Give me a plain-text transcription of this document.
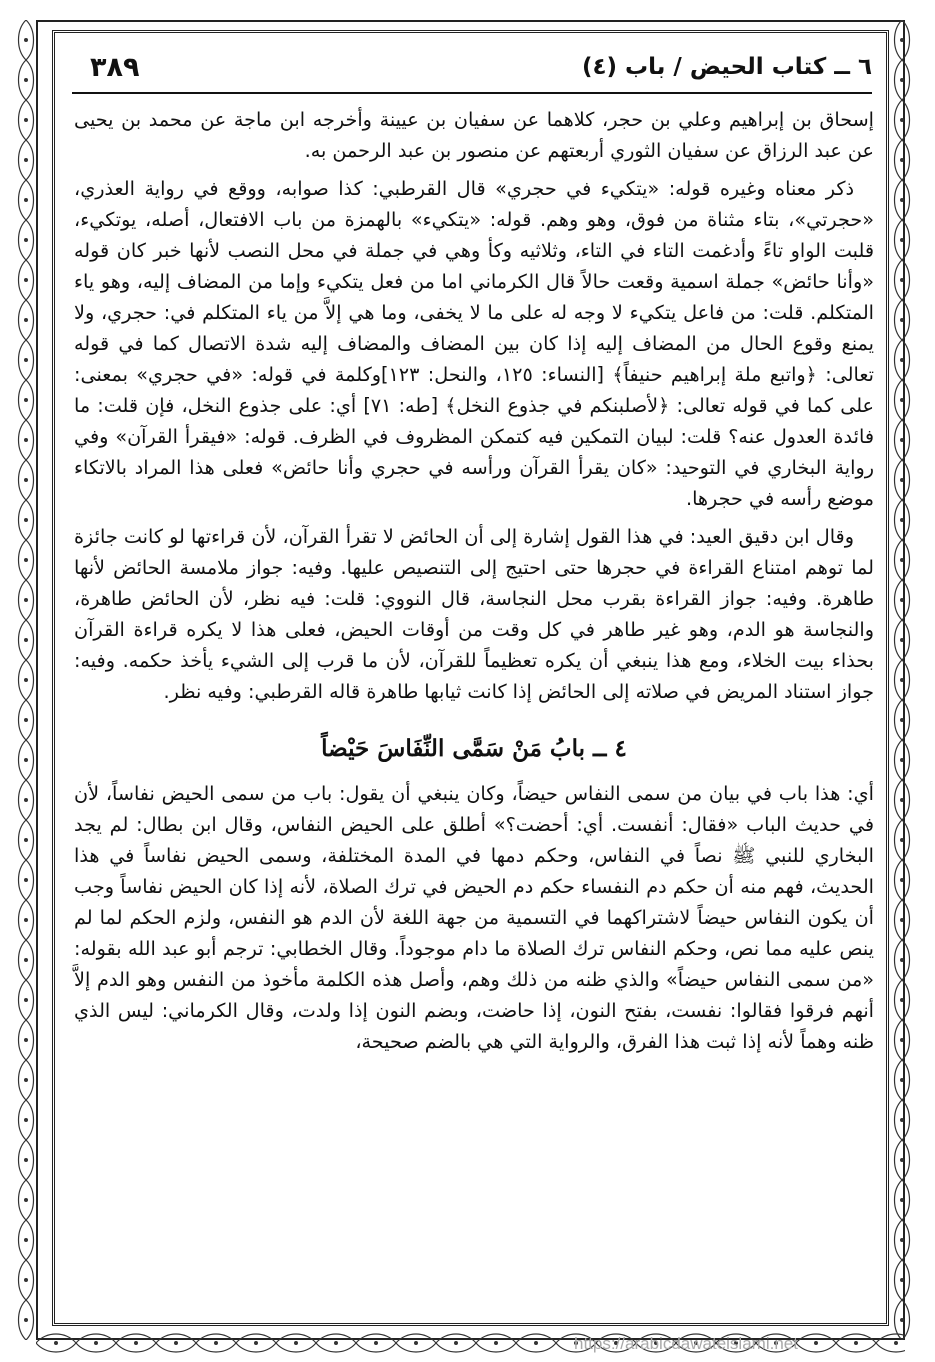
٦ ــ كتاب الحيض / باب (٤)
٣٨٩

إسحاق بن إبراهيم وعلي بن حجر، كلاهما عن سفيان بن عيينة وأخرجه ابن ماجة عن محمد بن يحيى عن عبد الرزاق عن سفيان الثوري أربعتهم عن منصور بن عبد الرحمن به.

ذكر معناه وغيره قوله: «يتكيء في حجري» قال القرطبي: كذا صوابه، ووقع في رواية العذري، «حجرتي»، بتاء مثناة من فوق، وهو وهم. قوله: «يتكيء» بالهمزة من باب الافتعال، أصله، يوتكيء، قلبت الواو تاءً وأدغمت التاء في التاء، وثلاثيه وكأ وهي في جملة في محل النصب لأنها خبر كان قوله «وأنا حائض» جملة اسمية وقعت حالاً قال الكرماني اما من فعل يتكيء وإما من المضاف إليه، وهو ياء المتكلم. قلت: من فاعل يتكيء لا وجه له على ما لا يخفى، وما هي إلاَّ من ياء المتكلم في: حجري، ولا يمنع وقوع الحال من المضاف إليه إذا كان بين المضاف والمضاف إليه شدة الاتصال كما في قوله تعالى: ﴿واتبع ملة إبراهيم حنيفاً﴾ [النساء: ١٢٥، والنحل: ١٢٣]وكلمة في قوله: «في حجري» بمعنى: على كما في قوله تعالى: ﴿لأصلبنكم في جذوع النخل﴾ [طه: ٧١] أي: على جذوع النخل، فإن قلت: ما فائدة العدول عنه؟ قلت: لبيان التمكين فيه كتمكن المظروف في الظرف. قوله: «فيقرأ القرآن» وفي رواية البخاري في التوحيد: «كان يقرأ القرآن ورأسه في حجري وأنا حائض» فعلى هذا المراد بالاتكاء موضع رأسه في حجرها.

وقال ابن دقيق العيد: في هذا القول إشارة إلى أن الحائض لا تقرأ القرآن، لأن قراءتها لو كانت جائزة لما توهم امتناع القراءة في حجرها حتى احتيج إلى التنصيص عليها. وفيه: جواز ملامسة الحائض لأنها طاهرة. وفيه: جواز القراءة بقرب محل النجاسة، قال النووي: قلت: فيه نظر، لأن الحائض طاهرة، والنجاسة هو الدم، وهو غير طاهر في كل وقت من أوقات الحيض، فعلى هذا لا يكره قراءة القرآن بحذاء بيت الخلاء، ومع هذا ينبغي أن يكره تعظيماً للقرآن، لأن ما قرب إلى الشيء يأخذ حكمه. وفيه: جواز استناد المريض في صلاته إلى الحائض إذا كانت ثيابها طاهرة قاله القرطبي: وفيه نظر.

٤ ــ بابُ مَنْ سَمَّى النِّفَاسَ حَيْضاً

أي: هذا باب في بيان من سمى النفاس حيضاً، وكان ينبغي أن يقول: باب من سمى الحيض نفاساً، لأن في حديث الباب «فقال: أنفست. أي: أحضت؟» أطلق على الحيض النفاس، وقال ابن بطال: لم يجد البخاري للنبي ﷺ نصاً في النفاس، وحكم دمها في المدة المختلفة، وسمى الحيض نفاساً في هذا الحديث، فهم منه أن حكم دم النفساء حكم دم الحيض في ترك الصلاة، لأنه إذا كان الحيض نفاساً وجب أن يكون النفاس حيضاً لاشتراكهما في التسمية من جهة اللغة لأن الدم هو النفس، ولزم الحكم لما لم ينص عليه مما نص، وحكم النفاس ترك الصلاة ما دام موجوداً. وقال الخطابي: ترجم أبو عبد الله بقوله: «من سمى النفاس حيضاً» والذي ظنه من ذلك وهم، وأصل هذه الكلمة مأخوذ من النفس وهو الدم إلاَّ أنهم فرقوا فقالوا: نفست، بفتح النون، إذا حاضت، وبضم النون إذا ولدت، وقال الكرماني: ليس الذي ظنه وهماً لأنه إذا ثبت هذا الفرق، والرواية التي هي بالضم صحيحة،

https://arabicdawateislami.net
